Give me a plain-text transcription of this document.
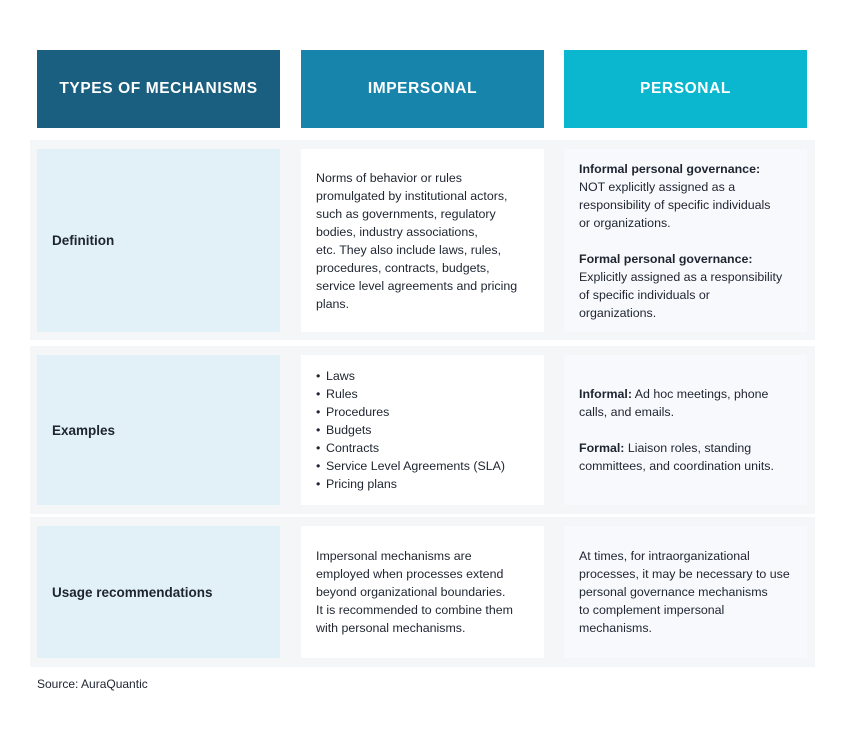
TYPES OF MECHANISMS	IMPERSONAL	PERSONAL
Definition
Norms of behavior or rules
promulgated by institutional actors,
such as governments, regulatory
bodies, industry associations,
etc. They also include laws, rules,
procedures, contracts, budgets,
service level agreements and pricing
plans.
Informal personal governance:
NOT explicitly assigned as a
responsibility of specific individuals
or organizations.
Formal personal governance:
Explicitly assigned as a responsibility
of specific individuals or
organizations.
Examples
• Laws
• Rules
• Procedures
• Budgets
• Contracts
• Service Level Agreements (SLA)
• Pricing plans
Informal: Ad hoc meetings, phone
calls, and emails.
Formal: Liaison roles, standing
committees, and coordination units.
Usage recommendations
Impersonal mechanisms are
employed when processes extend
beyond organizational boundaries.
It is recommended to combine them
with personal mechanisms.
At times, for intraorganizational
processes, it may be necessary to use
personal governance mechanisms
to complement impersonal
mechanisms.
Source: AuraQuantic
